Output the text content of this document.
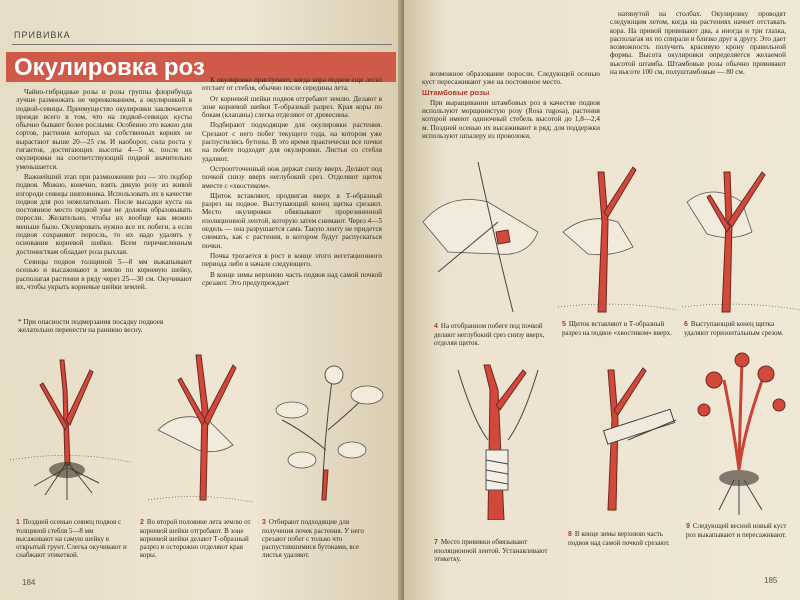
ПРИВИВКА
Окулировка роз

Чайно-гибридные розы и розы группы флорибунда лучше размножать не черенкованием, а окулировкой в подвой-сеянцы. Преимущество окулировки заключается прежде всего в том, что на подвой-сеянцах кусты обычно бывают более рослыми. Особенно это важно для сортов, растения которых на собственных корнях не вырастают выше 20—25 см. И наоборот, сила роста у гигантов, достигающих высоты 4—5 м, после их окулировки на соответствующий подвой значительно уменьшается.

Важнейший этап при размножении роз — это подбор подвоя. Можно, конечно, взять дикую розу из живой изгороди сеянцы шиповника. Использовать их в качестве подвоя для роз нежелательно. После высадки куста на постоянное место подвой уже не должен образовывать поросли. Желательно, чтобы их вообще как можно меньше было. Окулировать нужно все их побеги, а если подвоя сохраняют поросль, то их надо удалять у основания корневой шейки. Всем перечисленным достоинствам обладает роза рыхлая.

Сеянцы подвоя толщиной 5—8 мм выкапывают осенью и высаживают в землю по корневую шейку, располагая растения в ряду через 25—30 см. Окучивают их, чтобы укрыть корневые шейки землей.

К окулировке приступают, когда кора подвоя еще легко отстает от стебля, обычно после середины лета.

От корневой шейки подвоя отгребают землю. Делают в зоне корневой шейки Т-образный разрез. Края коры по бокам (клапаны) слегка отделяют от древесины.

Подбирают подходящие для окулировки растения. Срезают с него побег текущего года, на котором уже распустились бутоны. В это время практически все почки на побеге подходят для окулировки. Листья со стебля удаляют.

Остроотточенный нож держат снизу вверх. Делают под почкой снизу вверх неглубокий срез. Отделяют щиток вместе с «хвостиком».

Щиток вставляют, продвигая вверх в Т-образный разрез на подвое. Выступающий конец щитка срезают. Место окулировки обвязывают прорезиненной изоляционной лентой, которую затем снимают. Через 4—5 недель — она разрушается сама. Такую ленту не придется снимать, как с растения, в котором будут распускаться почки.

Почка трогается в рост в конце этого вегетационного периода либо в начале следующего.

В конце зимы верхнюю часть подвоя над самой почкой срезают. Это предупреждает

* При опасности подмерзания посадку подвоев желательно перенести на раннюю весну.
1 Поздней осенью сеянец подвоя с толщиной стебля 5—8 мм высаживают на самую шейку в открытый грунт. Слегка окучивают и снабжают этикеткой.
2 Во второй половине лета землю от корневой шейки отгребают. В зоне корневой шейки делают Т-образный разрез и осторожно отделяют края коры.
3 Отбирают подходящие для получения почек растения. У него срезают побег с только что распустившимися бутонами, все листья удаляют.
184

возможное образование поросли. Следующей осенью куст пересаживают уже на постоянное место.

Штамбовые розы

При выращивании штамбовых роз в качестве подвоя используют морщинистую розу (Rosa rugosa), растения которой имеют одиночный стебель высотой до 1,8—2,4 м. Поздней осенью их высаживают в ряд; для поддержки используют шпалеру из проволоки,

натянутой на столбах. Окулировку проводят следующим летом, когда на растениях начнет отставать кора. На привой прививают два, а иногда и три глазка, располагая их по спирали и близко друг к другу. Это дает возможность получить красивую крону правильной формы. Высота окулировки определяется желаемой высотой штамба. Штамбовые розы обычно прививают на высоте 100 см, полуштамбовые — 80 см.

4 На отобранном побеге под почкой делают неглубокий срез снизу вверх, отделяя щиток.
5 Щиток вставляют в Т-образный разрез на подвое «хвостиком» вверх.
6 Выступающий конец щитка удаляют горизонтальным срезом.
7 Место прививки обвязывают изоляционной лентой. Устанавливают этикетку.
8 В конце зимы верхнюю часть подвоя над самой почкой срезают.
9 Следующей весной новый куст роз выкапывают и пересаживают.
185
